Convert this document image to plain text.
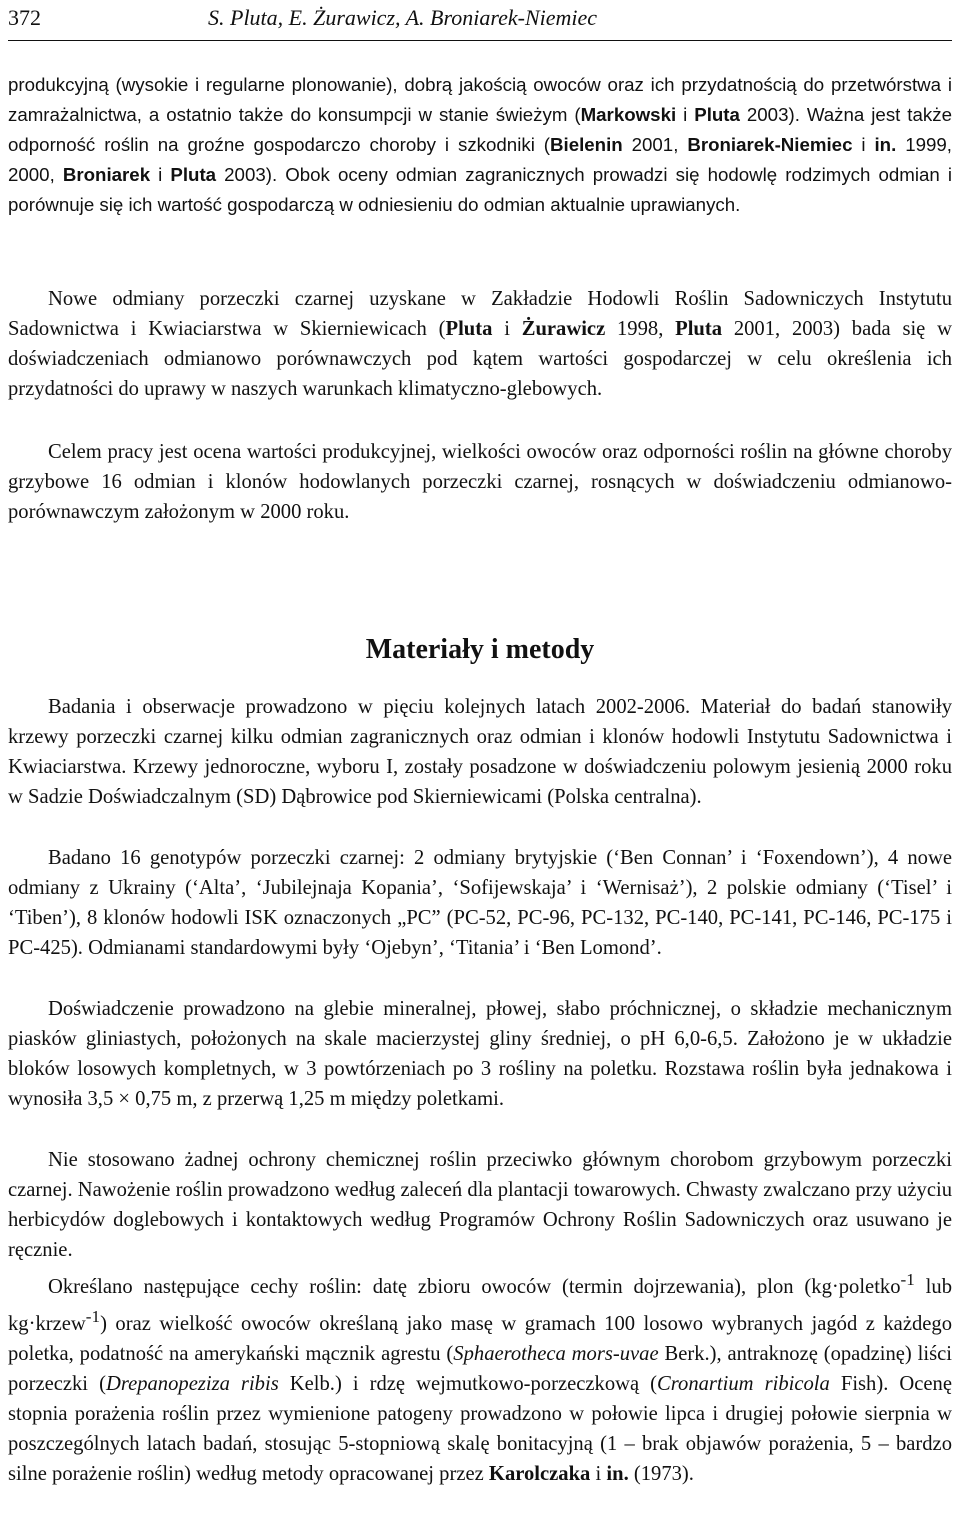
372	S. Pluta, E. Żurawicz, A. Broniarek-Niemiec

produkcyjną (wysokie i regularne plonowanie), dobrą jakością owoców oraz ich przydatnością do przetwórstwa i zamrażalnictwa, a ostatnio także do konsumpcji w stanie świeżym (Markowski i Pluta 2003). Ważna jest także odporność roślin na groźne gospodarczo choroby i szkodniki (Bielenin 2001, Broniarek-Niemiec i in. 1999, 2000, Broniarek i Pluta 2003). Obok oceny odmian zagranicznych prowadzi się hodowlę rodzimych odmian i porównuje się ich wartość gospodarczą w odniesieniu do odmian aktualnie uprawianych.

Nowe odmiany porzeczki czarnej uzyskane w Zakładzie Hodowli Roślin Sadowniczych Instytutu Sadownictwa i Kwiaciarstwa w Skierniewicach (Pluta i Żurawicz 1998, Pluta 2001, 2003) bada się w doświadczeniach odmianowo porównawczych pod kątem wartości gospodarczej w celu określenia ich przydatności do uprawy w naszych warunkach klimatyczno-glebowych.

Celem pracy jest ocena wartości produkcyjnej, wielkości owoców oraz odporności roślin na główne choroby grzybowe 16 odmian i klonów hodowlanych porzeczki czarnej, rosnących w doświadczeniu odmianowo-porównawczym założonym w 2000 roku.

Materiały i metody

Badania i obserwacje prowadzono w pięciu kolejnych latach 2002-2006. Materiał do badań stanowiły krzewy porzeczki czarnej kilku odmian zagranicznych oraz odmian i klonów hodowli Instytutu Sadownictwa i Kwiaciarstwa. Krzewy jednoroczne, wyboru I, zostały posadzone w doświadczeniu polowym jesienią 2000 roku w Sadzie Doświadczalnym (SD) Dąbrowice pod Skierniewicami (Polska centralna).

Badano 16 genotypów porzeczki czarnej: 2 odmiany brytyjskie (‘Ben Connan’ i ‘Foxendown’), 4 nowe odmiany z Ukrainy (‘Alta’, ‘Jubilejnaja Kopania’, ‘Sofijewskaja’ i ‘Wernisaż’), 2 polskie odmiany (‘Tisel’ i ‘Tiben’), 8 klonów hodowli ISK oznaczonych „PC” (PC-52, PC-96, PC-132, PC-140, PC-141, PC-146, PC-175 i PC-425). Odmianami standardowymi były ‘Ojebyn’, ‘Titania’ i ‘Ben Lomond’.

Doświadczenie prowadzono na glebie mineralnej, płowej, słabo próchnicznej, o składzie mechanicznym piasków gliniastych, położonych na skale macierzystej gliny średniej, o pH 6,0-6,5. Założono je w układzie bloków losowych kompletnych, w 3 powtórzeniach po 3 rośliny na poletku. Rozstawa roślin była jednakowa i wynosiła 3,5 × 0,75 m, z przerwą 1,25 m między poletkami.

Nie stosowano żadnej ochrony chemicznej roślin przeciwko głównym chorobom grzybowym porzeczki czarnej. Nawożenie roślin prowadzono według zaleceń dla plantacji towarowych. Chwasty zwalczano przy użyciu herbicydów doglebowych i kontaktowych według Programów Ochrony Roślin Sadowniczych oraz usuwano je ręcznie.

Określano następujące cechy roślin: datę zbioru owoców (termin dojrzewania), plon (kg·poletko$^{-1}$ lub kg·krzew$^{-1}$) oraz wielkość owoców określaną jako masę w gramach 100 losowo wybranych jagód z każdego poletka, podatność na amerykański mącznik agrestu (Sphaerotheca mors-uvae Berk.), antraknozę (opadzinę) liści porzeczki (Drepanopeziza ribis Kelb.) i rdzę wejmutkowo-porzeczkową (Cronartium ribicola Fish). Ocenę stopnia porażenia roślin przez wymienione patogeny prowadzono w połowie lipca i drugiej połowie sierpnia w poszczególnych latach badań, stosując 5-stopniową skalę bonitacyjną (1 – brak objawów porażenia, 5 – bardzo silne porażenie roślin) według metody opracowanej przez Karolczaka i in. (1973).
